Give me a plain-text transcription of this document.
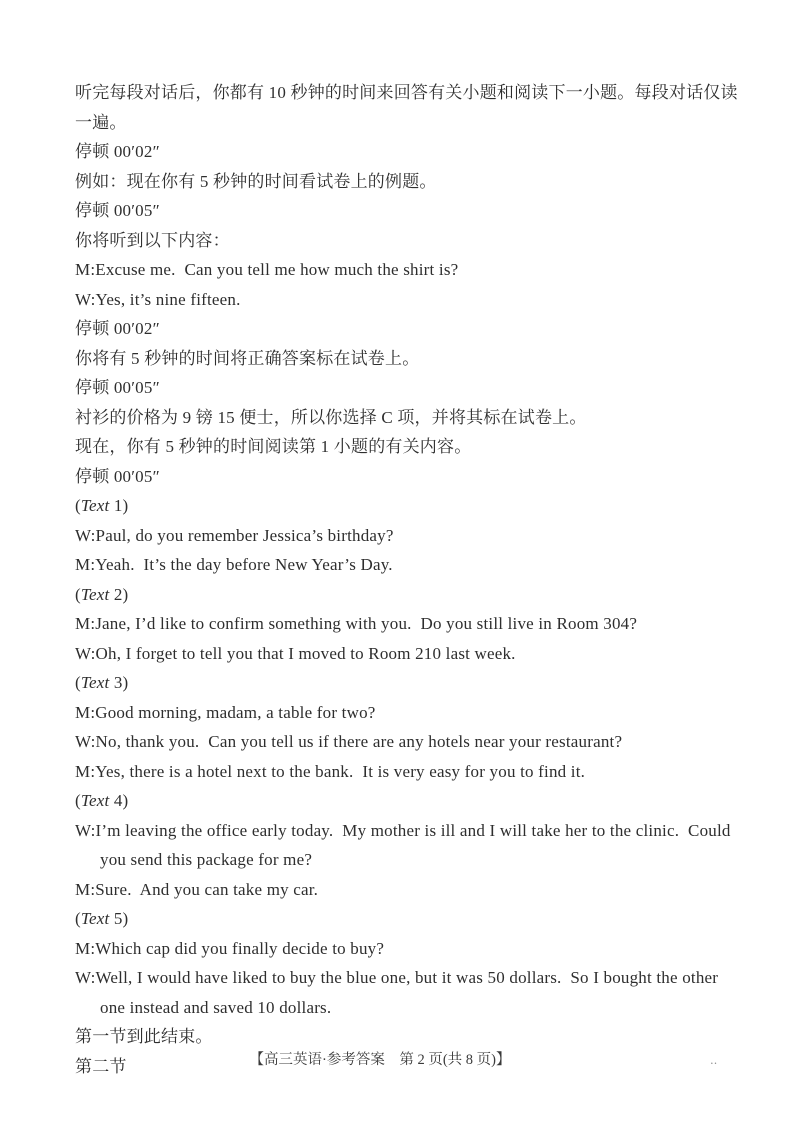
听完每段对话后，你都有 10 秒钟的时间来回答有关小题和阅读下一小题。每段对话仅读一遍。
停顿 00′02″
例如：现在你有 5 秒钟的时间看试卷上的例题。
停顿 00′05″
你将听到以下内容：
M:Excuse me.  Can you tell me how much the shirt is?
W:Yes, it’s nine fifteen.
停顿 00′02″
你将有 5 秒钟的时间将正确答案标在试卷上。
停顿 00′05″
衬衫的价格为 9 镑 15 便士，所以你选择 C 项，并将其标在试卷上。
现在，你有 5 秒钟的时间阅读第 1 小题的有关内容。
停顿 00′05″
(Text 1)
W:Paul, do you remember Jessica’s birthday?
M:Yeah.  It’s the day before New Year’s Day.
(Text 2)
M:Jane, I’d like to confirm something with you.  Do you still live in Room 304?
W:Oh, I forget to tell you that I moved to Room 210 last week.
(Text 3)
M:Good morning, madam, a table for two?
W:No, thank you.  Can you tell us if there are any hotels near your restaurant?
M:Yes, there is a hotel next to the bank.  It is very easy for you to find it.
(Text 4)
W:I’m leaving the office early today.  My mother is ill and I will take her to the clinic.  Could
you send this package for me?
M:Sure.  And you can take my car.
(Text 5)
M:Which cap did you finally decide to buy?
W:Well, I would have liked to buy the blue one, but it was 50 dollars.  So I bought the other
one instead and saved 10 dollars.
第一节到此结束。
第二节	【高三英语·参考答案　第 2 页(共 8 页)】	‥
